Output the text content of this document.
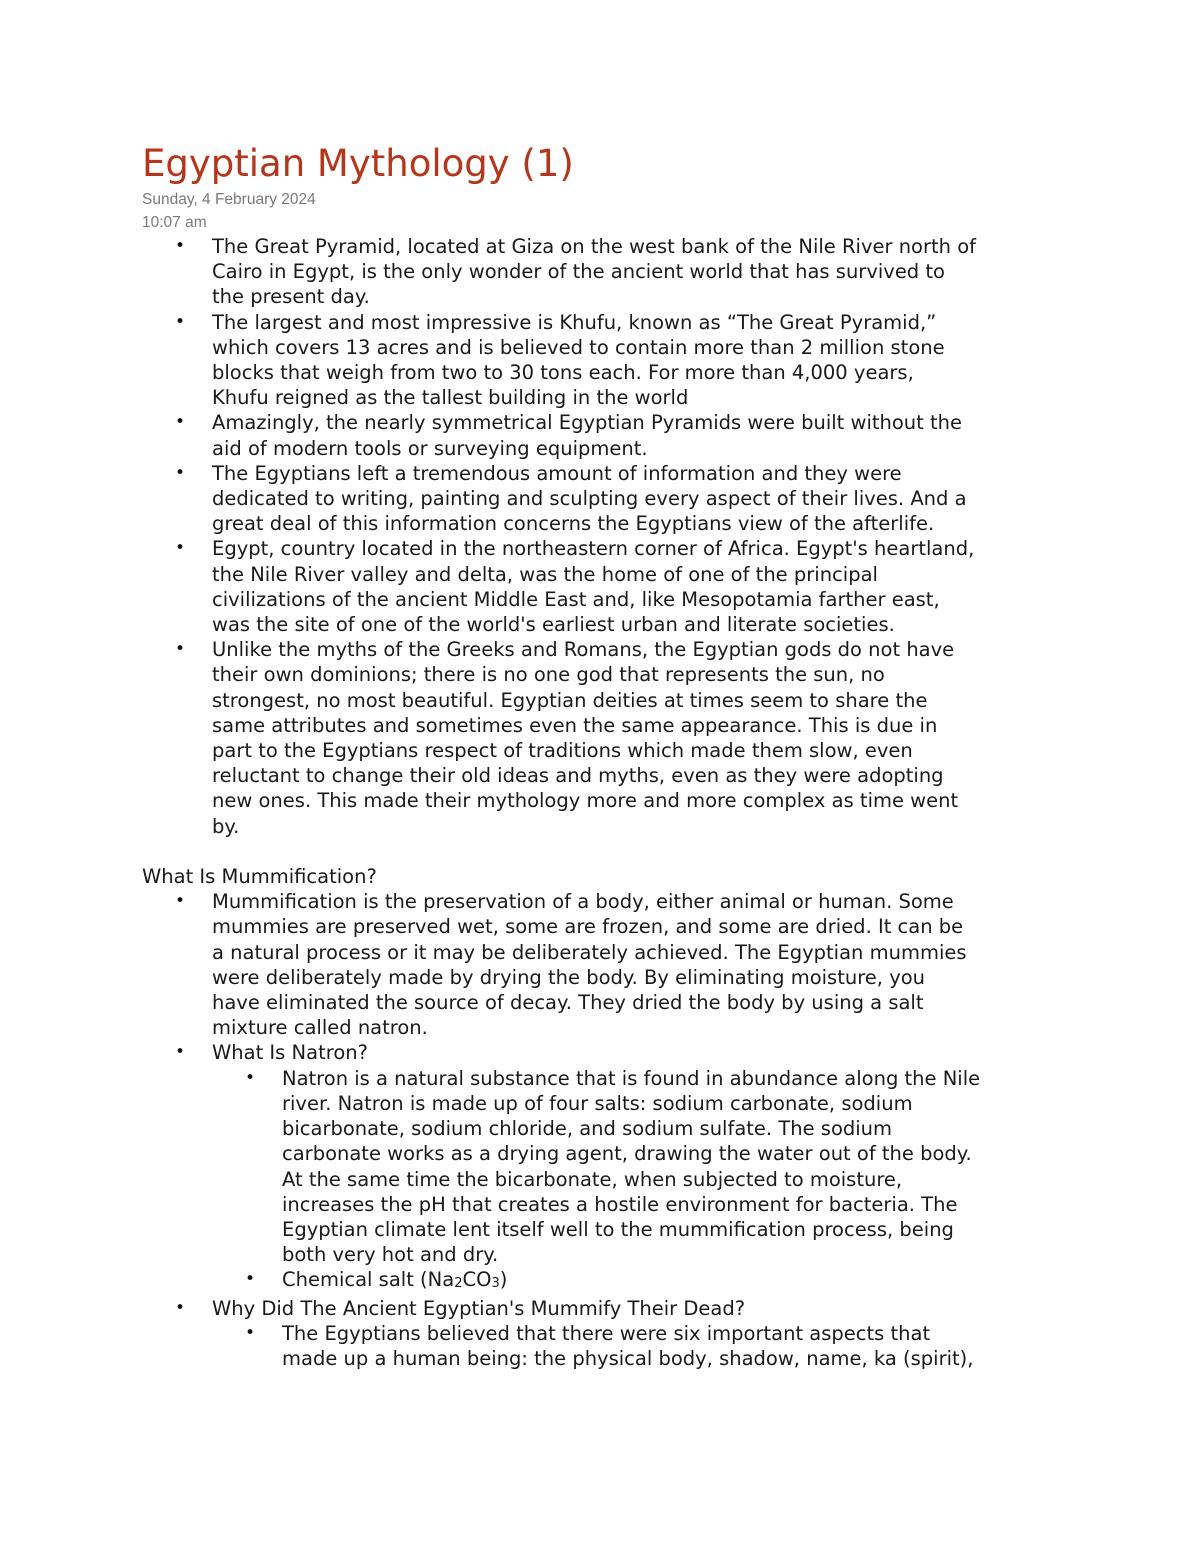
Egyptian Mythology (1)
Sunday, 4 February 2024
10:07 am
• The Great Pyramid, located at Giza on the west bank of the Nile River north of

Cairo in Egypt, is the only wonder of the ancient world that has survived to

the present day.

• The largest and most impressive is Khufu, known as “The Great Pyramid,”

which covers 13 acres and is believed to contain more than 2 million stone

blocks that weigh from two to 30 tons each. For more than 4,000 years,

Khufu reigned as the tallest building in the world

• Amazingly, the nearly symmetrical Egyptian Pyramids were built without the

aid of modern tools or surveying equipment.

• The Egyptians left a tremendous amount of information and they were

dedicated to writing, painting and sculpting every aspect of their lives. And a

great deal of this information concerns the Egyptians view of the afterlife.

• Egypt, country located in the northeastern corner of Africa. Egypt's heartland,

the Nile River valley and delta, was the home of one of the principal

civilizations of the ancient Middle East and, like Mesopotamia farther east,

was the site of one of the world's earliest urban and literate societies.

• Unlike the myths of the Greeks and Romans, the Egyptian gods do not have

their own dominions; there is no one god that represents the sun, no

strongest, no most beautiful. Egyptian deities at times seem to share the

same attributes and sometimes even the same appearance. This is due in

part to the Egyptians respect of traditions which made them slow, even

reluctant to change their old ideas and myths, even as they were adopting

new ones. This made their mythology more and more complex as time went

by.

What Is Mummification?

• Mummification is the preservation of a body, either animal or human. Some

mummies are preserved wet, some are frozen, and some are dried. It can be

a natural process or it may be deliberately achieved. The Egyptian mummies

were deliberately made by drying the body. By eliminating moisture, you

have eliminated the source of decay. They dried the body by using a salt

mixture called natron.

• What Is Natron?

• Natron is a natural substance that is found in abundance along the Nile

river. Natron is made up of four salts: sodium carbonate, sodium

bicarbonate, sodium chloride, and sodium sulfate. The sodium

carbonate works as a drying agent, drawing the water out of the body.

At the same time the bicarbonate, when subjected to moisture,

increases the pH that creates a hostile environment for bacteria. The

Egyptian climate lent itself well to the mummification process, being

both very hot and dry.

• Chemical salt $(Na_2CO_3)$

• Why Did The Ancient Egyptian's Mummify Their Dead?

• The Egyptians believed that there were six important aspects that

made up a human being: the physical body, shadow, name, ka (spirit),
